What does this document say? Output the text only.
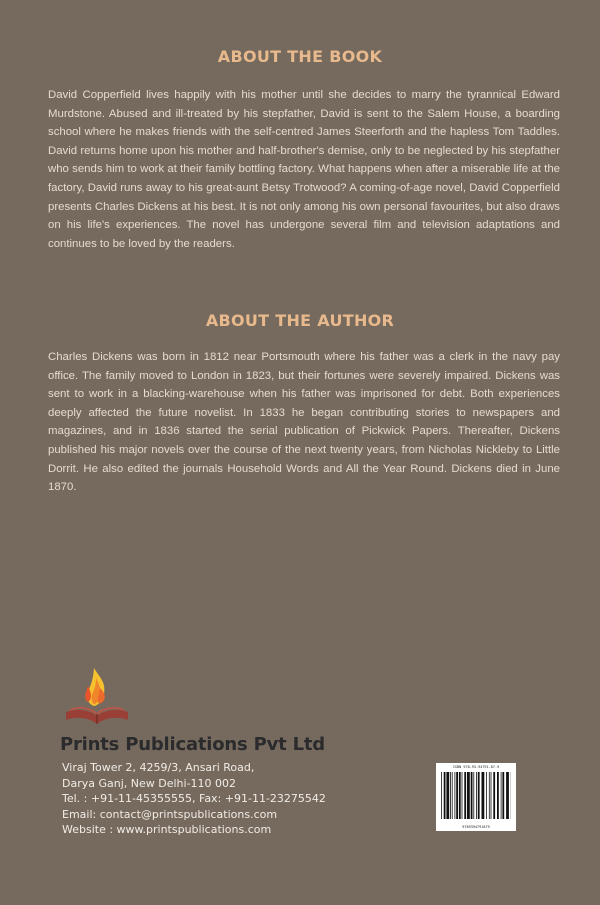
ABOUT THE BOOK

David Copperfield lives happily with his mother until she decides to marry the tyrannical Edward Murdstone. Abused and ill-treated by his stepfather, David is sent to the Salem House, a boarding school where he makes friends with the self-centred James Steerforth and the hapless Tom Taddles. David returns home upon his mother and half-brother's demise, only to be neglected by his stepfather who sends him to work at their family bottling factory. What happens when after a miserable life at the factory, David runs away to his great-aunt Betsy Trotwood? A coming-of-age novel, David Copperfield presents Charles Dickens at his best. It is not only among his own personal favourites, but also draws on his life's experiences. The novel has undergone several film and television adaptations and continues to be loved by the readers.

ABOUT THE AUTHOR

Charles Dickens was born in 1812 near Portsmouth where his father was a clerk in the navy pay office. The family moved to London in 1823, but their fortunes were severely impaired. Dickens was sent to work in a blacking-warehouse when his father was imprisoned for debt. Both experiences deeply affected the future novelist. In 1833 he began contributing stories to newspapers and magazines, and in 1836 started the serial publication of Pickwick Papers. Thereafter, Dickens published his major novels over the course of the next twenty years, from Nicholas Nickleby to Little Dorrit. He also edited the journals Household Words and All the Year Round. Dickens died in June 1870.

Prints Publications Pvt Ltd
Viraj Tower 2, 4259/3, Ansari Road,
Darya Ganj, New Delhi-110 002
Tel. : +91-11-45355555, Fax: +91-11-23275542
Email: contact@printspublications.com
Website : www.printspublications.com
ISBN 978-93-94791-87-9
9789394791879
